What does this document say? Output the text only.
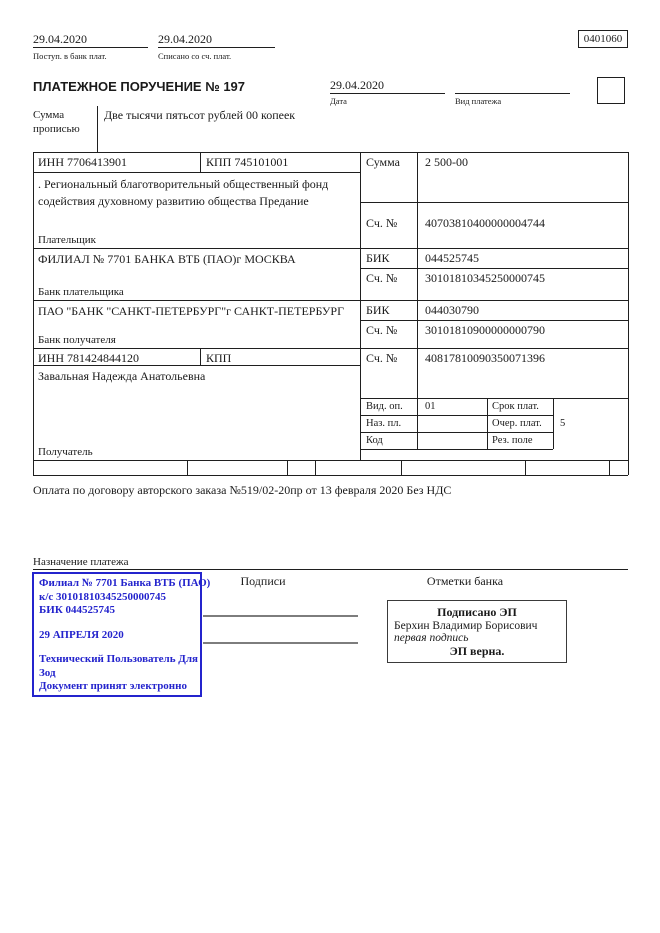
29.04.2020
Поступ. в банк плат.
29.04.2020
Списано со сч. плат.
0401060
ПЛАТЕЖНОЕ ПОРУЧЕНИЕ № 197	29.04.2020
Дата	Вид платежа
Сумма
прописью
Две тысячи пятьсот рублей 00 копеек
ИНН 7706413901	КПП 745101001	Сумма 2 500-00
. Региональный благотворительный общественный фонд содействия духовному развитию общества Предание
Сч. № 40703810400000004744
Плательщик
ФИЛИАЛ № 7701 БАНКА ВТБ (ПАО)г МОСКВА	БИК	044525745
Сч. № 30101810345250000745
Банк плательщика
ПАО "БАНК "САНКТ-ПЕТЕРБУРГ"г САНКТ-ПЕТЕРБУРГ БИК	044030790
Сч. № 30101810900000000790
Банк получателя
ИНН 781424844120	КПП	Сч. № 40817810090350071396
Завальная Надежда Анатольевна
Вид. оп. 01	Срок плат.
Наз. пл.	Очер. плат. 5
Код	Рез. поле
Получатель
Оплата по договору авторского заказа №519/02-20пр от 13 февраля 2020 Без НДС
Назначение платежа
Подписи	Отметки банка
Филиал № 7701 Банка ВТБ (ПАО)
к/с 30101810345250000745
БИК 044525745
29 АПРЕЛЯ 2020
Технический Пользователь Для
Зод
Документ принят электронно
Подписано ЭП
Берхин Владимир Борисович
первая подпись
ЭП верна.
